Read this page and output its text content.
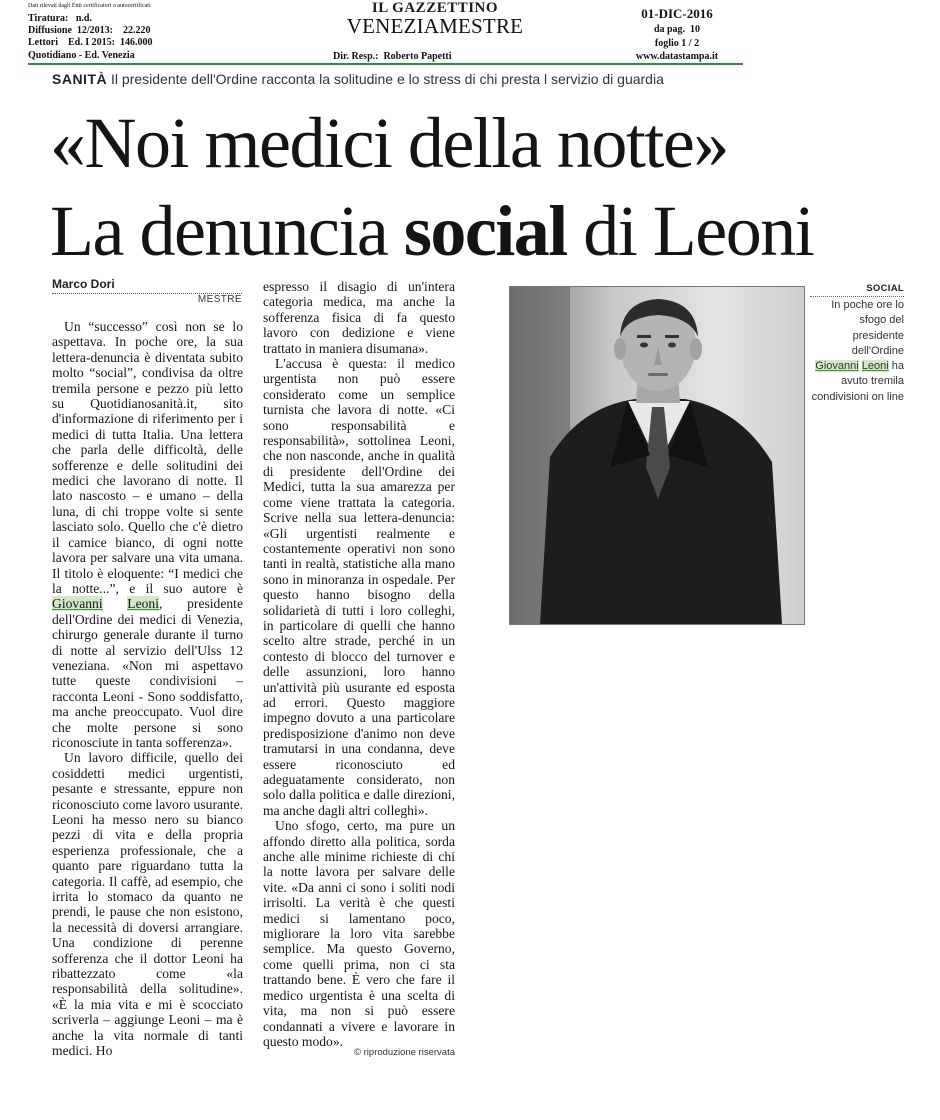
Dati rilevati dagli Enti certificatori o autocertificati
Tiratura:   n.d.
Diffusione  12/2013:    22.220
Lettori    Ed. I 2015:  146.000
Quotidiano - Ed. Venezia
IL GAZZETTINO
VENEZIAMESTRE
Dir. Resp.:  Roberto Papetti
01-DIC-2016
da pag.  10
foglio 1 / 2
www.datastampa.it
SANITÀ Il presidente dell'Ordine racconta la solitudine e lo stress di chi presta l servizio di guardia
«Noi medici della notte»
La denuncia social di Leoni
Marco Dori
MESTRE

Un “successo” così non se lo aspettava. In poche ore, la sua lettera-denuncia è diventata subito molto “social”, condivisa da oltre tremila persone e pezzo più letto su Quotidianosanità.it, sito d'informazione di riferimento per i medici di tutta Italia. Una lettera che parla delle difficoltà, delle sofferenze e delle solitudini dei medici che lavorano di notte. Il lato nascosto – e umano – della luna, di chi troppe volte si sente lasciato solo. Quello che c'è dietro il camice bianco, di ogni notte lavora per salvare una vita umana. Il titolo è eloquente: “I medici che la notte...”, e il suo autore è Giovanni Leoni, presidente dell'Ordine dei medici di Venezia, chirurgo generale durante il turno di notte al servizio dell'Ulss 12 veneziana. «Non mi aspettavo tutte queste condivisioni – racconta Leoni - Sono soddisfatto, ma anche preoccupato. Vuol dire che molte persone si sono riconosciute in tanta sofferenza».

Un lavoro difficile, quello dei cosiddetti medici urgentisti, pesante e stressante, eppure non riconosciuto come lavoro usurante. Leoni ha messo nero su bianco pezzi di vita e della propria esperienza professionale, che a quanto pare riguardano tutta la categoria. Il caffè, ad esempio, che irrita lo stomaco da quanto ne prendi, le pause che non esistono, la necessità di doversi arrangiare. Una condizione di perenne sofferenza che il dottor Leoni ha ribattezzato come «la responsabilità della solitudine». «È la mia vita e mi è scocciato scriverla – aggiunge Leoni – ma è anche la vita normale di tanti medici. Ho

espresso il disagio di un'intera categoria medica, ma anche la sofferenza fisica di fa questo lavoro con dedizione e viene trattato in maniera disumana».

L'accusa è questa: il medico urgentista non può essere considerato come un semplice turnista che lavora di notte. «Ci sono responsabilità e responsabilità», sottolinea Leoni, che non nasconde, anche in qualità di presidente dell'Ordine dei Medici, tutta la sua amarezza per come viene trattata la categoria. Scrive nella sua lettera-denuncia: «Gli urgentisti realmente e costantemente operativi non sono tanti in realtà, statistiche alla mano sono in minoranza in ospedale. Per questo hanno bisogno della solidarietà di tutti i loro colleghi, in particolare di quelli che hanno scelto altre strade, perché in un contesto di blocco del turnover e delle assunzioni, loro hanno un'attività più usurante ed esposta ad errori. Questo maggiore impegno dovuto a una particolare predisposizione d'animo non deve tramutarsi in una condanna, deve essere riconosciuto ed adeguatamente considerato, non solo dalla politica e dalle direzioni, ma anche dagli altri colleghi».

Uno sfogo, certo, ma pure un affondo diretto alla politica, sorda anche alle minime richieste di chi la notte lavora per salvare delle vite. «Da anni ci sono i soliti nodi irrisolti. La verità è che questi medici si lamentano poco, migliorare la loro vita sarebbe semplice. Ma questo Governo, come quelli prima, non ci sta trattando bene. È vero che fare il medico urgentista è una scelta di vita, ma non si può essere condannati a vivere e lavorare in questo modo».

© riproduzione riservata
SOCIAL
In poche ore lo sfogo del presidente dell'Ordine Giovanni Leoni ha avuto tremila condivisioni on line
